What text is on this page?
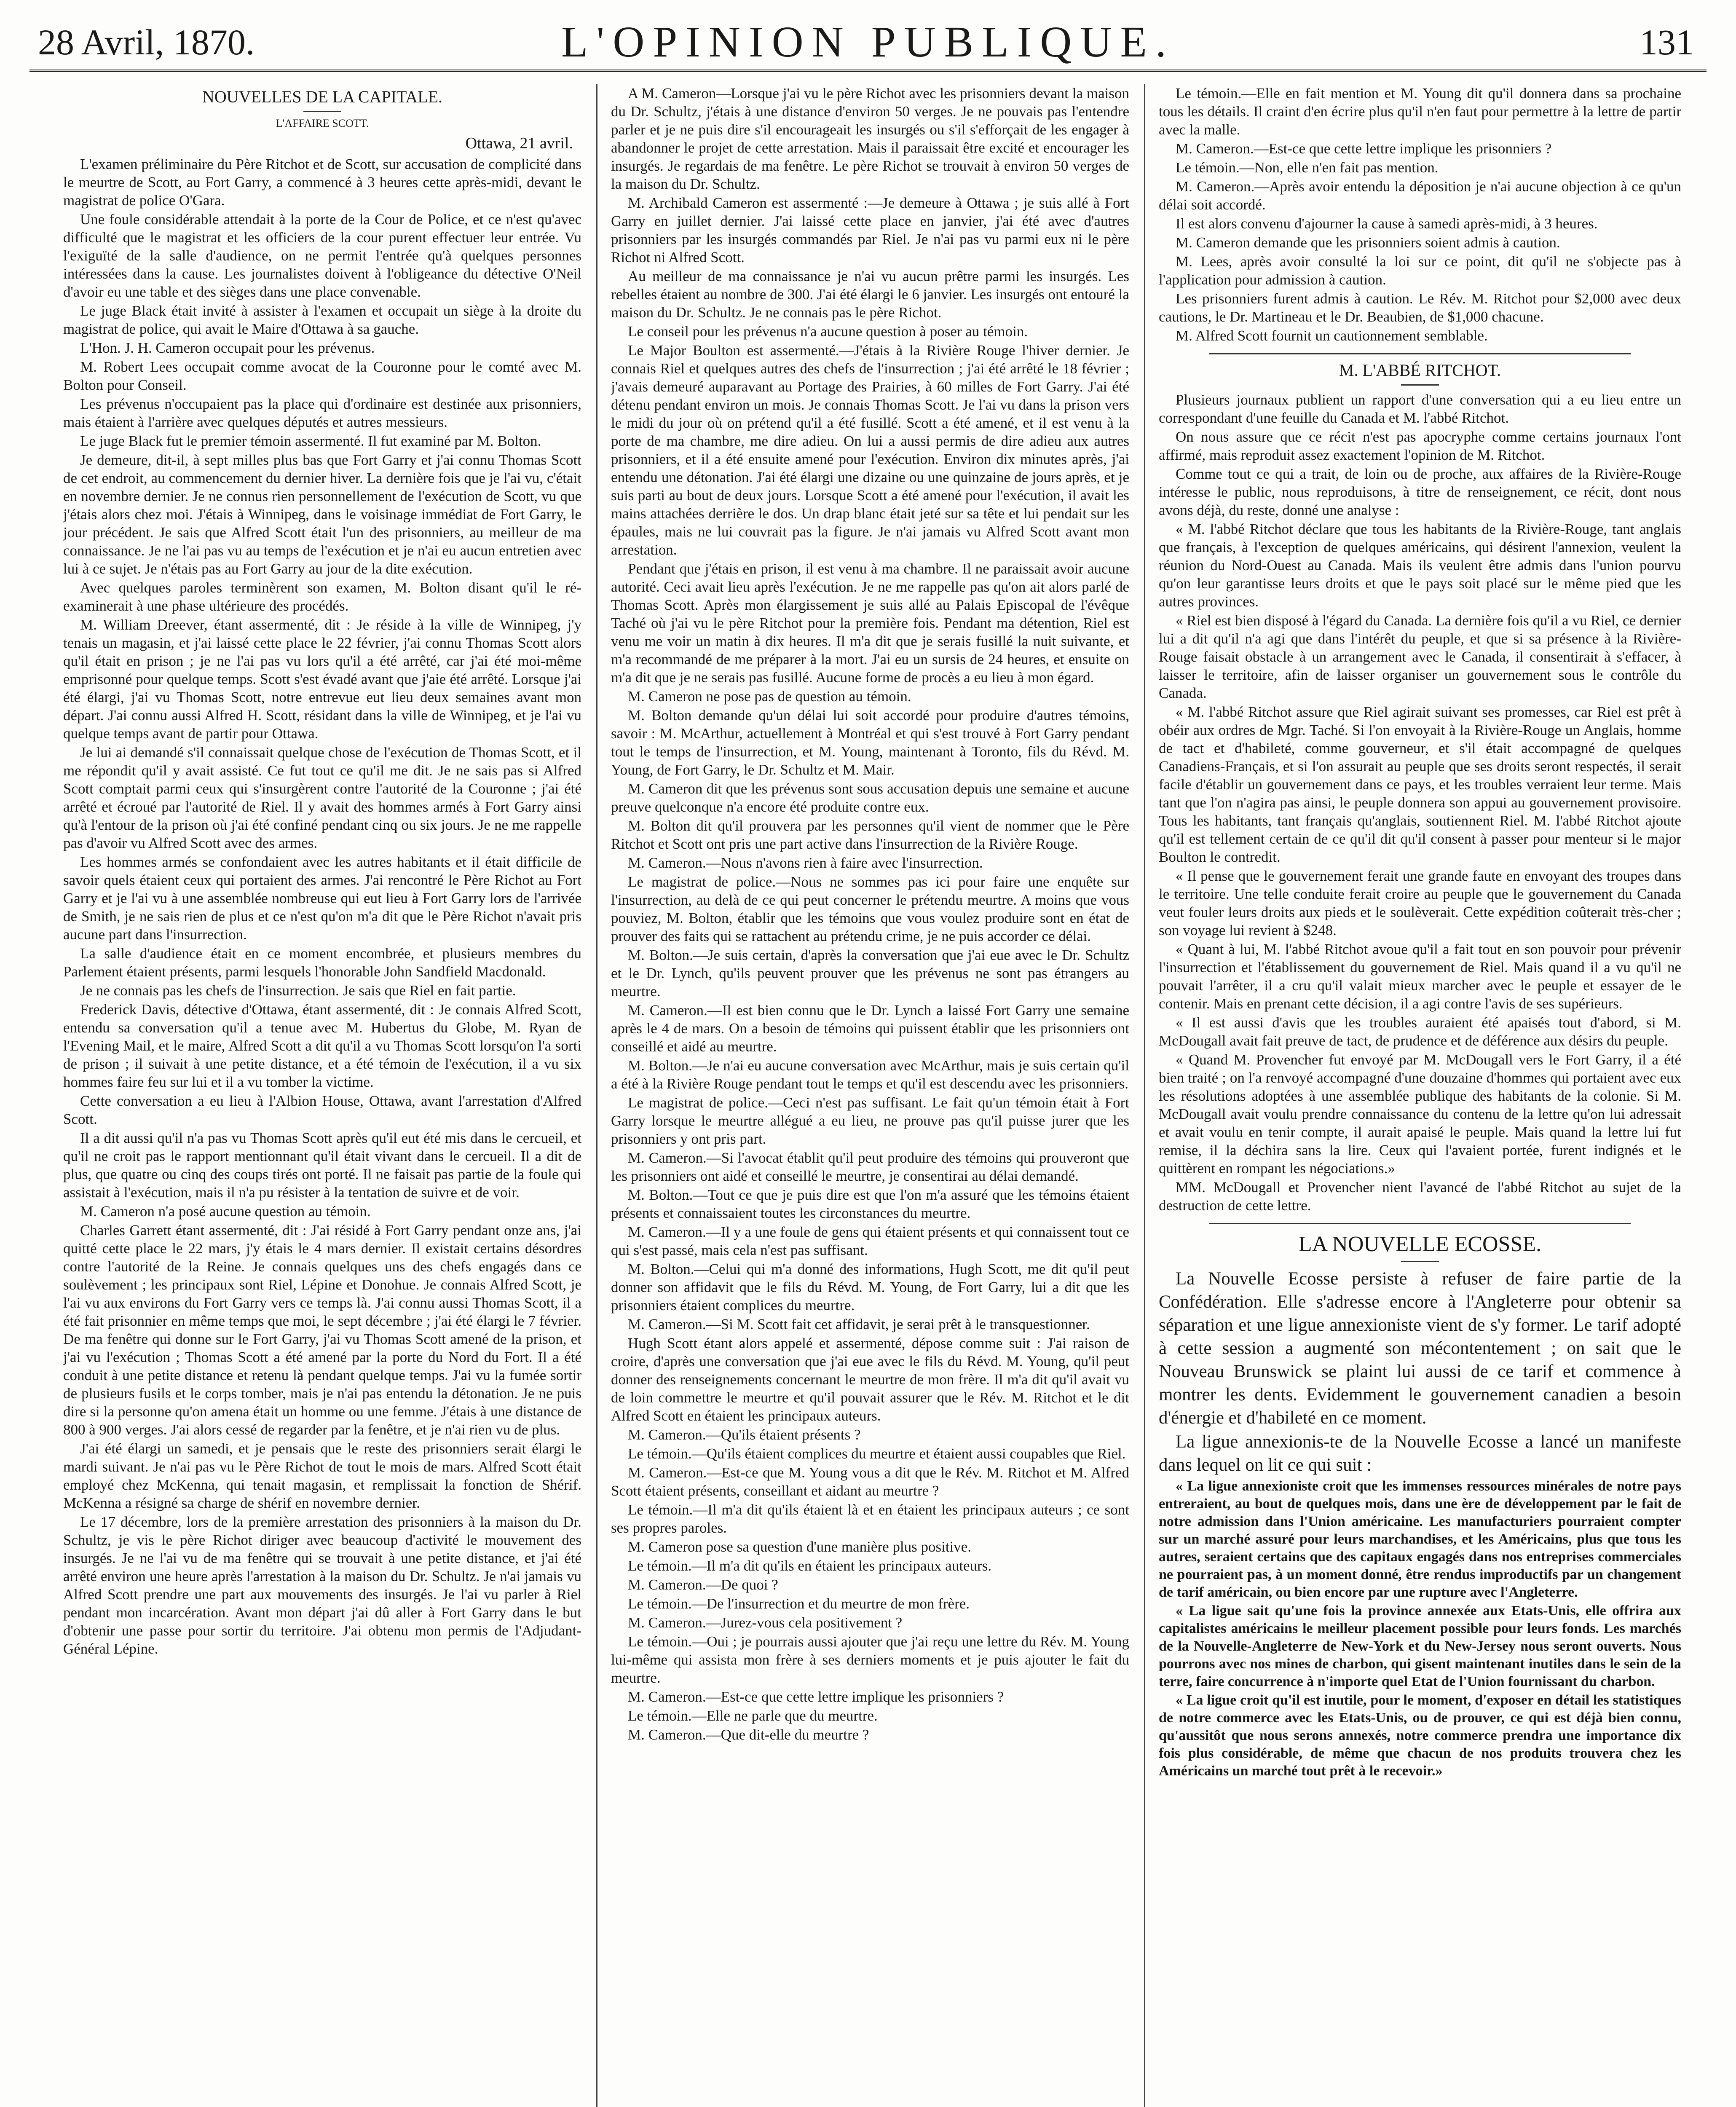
28 Avril, 1870.	L'OPINION PUBLIQUE.	131
NOUVELLES DE LA CAPITALE.
L'AFFAIRE SCOTT.
Ottawa, 21 avril.

L'examen préliminaire du Père Ritchot et de Scott, sur accusation de complicité dans le meurtre de Scott, au Fort Garry, a commencé à 3 heures cette après-midi, devant le magistrat de police O'Gara.

Une foule considérable attendait à la porte de la Cour de Police, et ce n'est qu'avec difficulté que le magistrat et les officiers de la cour purent effectuer leur entrée. Vu l'exiguïté de la salle d'audience, on ne permit l'entrée qu'à quelques personnes intéressées dans la cause. Les journalistes doivent à l'obligeance du détective O'Neil d'avoir eu une table et des sièges dans une place convenable.

Le juge Black était invité à assister à l'examen et occupait un siège à la droite du magistrat de police, qui avait le Maire d'Ottawa à sa gauche.

L'Hon. J. H. Cameron occupait pour les prévenus.

M. Robert Lees occupait comme avocat de la Couronne pour le comté avec M. Bolton pour Conseil.

Les prévenus n'occupaient pas la place qui d'ordinaire est destinée aux prisonniers, mais étaient à l'arrière avec quelques députés et autres messieurs.

Le juge Black fut le premier témoin assermenté. Il fut examiné par M. Bolton.

Je demeure, dit-il, à sept milles plus bas que Fort Garry et j'ai connu Thomas Scott de cet endroit, au commencement du dernier hiver. La dernière fois que je l'ai vu, c'était en novembre dernier. Je ne connus rien personnellement de l'exécution de Scott, vu que j'étais alors chez moi. J'étais à Winnipeg, dans le voisinage immédiat de Fort Garry, le jour précédent. Je sais que Alfred Scott était l'un des prisonniers, au meilleur de ma connaissance. Je ne l'ai pas vu au temps de l'exécution et je n'ai eu aucun entretien avec lui à ce sujet. Je n'étais pas au Fort Garry au jour de la dite exécution.

Avec quelques paroles terminèrent son examen, M. Bolton disant qu'il le ré-examinerait à une phase ultérieure des procédés.

M. William Dreever, étant assermenté, dit : Je réside à la ville de Winnipeg, j'y tenais un magasin, et j'ai laissé cette place le 22 février, j'ai connu Thomas Scott alors qu'il était en prison ; je ne l'ai pas vu lors qu'il a été arrêté, car j'ai été moi-même emprisonné pour quelque temps. Scott s'est évadé avant que j'aie été arrêté. Lorsque j'ai été élargi, j'ai vu Thomas Scott, notre entrevue eut lieu deux semaines avant mon départ. J'ai connu aussi Alfred H. Scott, résidant dans la ville de Winnipeg, et je l'ai vu quelque temps avant de partir pour Ottawa.

Je lui ai demandé s'il connaissait quelque chose de l'exécution de Thomas Scott, et il me répondit qu'il y avait assisté. Ce fut tout ce qu'il me dit. Je ne sais pas si Alfred Scott comptait parmi ceux qui s'insurgèrent contre l'autorité de la Couronne ; j'ai été arrêté et écroué par l'autorité de Riel. Il y avait des hommes armés à Fort Garry ainsi qu'à l'entour de la prison où j'ai été confiné pendant cinq ou six jours. Je ne me rappelle pas d'avoir vu Alfred Scott avec des armes.

Les hommes armés se confondaient avec les autres habitants et il était difficile de savoir quels étaient ceux qui portaient des armes. J'ai rencontré le Père Richot au Fort Garry et je l'ai vu à une assemblée nombreuse qui eut lieu à Fort Garry lors de l'arrivée de Smith, je ne sais rien de plus et ce n'est qu'on m'a dit que le Père Richot n'avait pris aucune part dans l'insurrection.

La salle d'audience était en ce moment encombrée, et plusieurs membres du Parlement étaient présents, parmi lesquels l'honorable John Sandfield Macdonald.

Je ne connais pas les chefs de l'insurrection. Je sais que Riel en fait partie.

Frederick Davis, détective d'Ottawa, étant assermenté, dit : Je connais Alfred Scott, entendu sa conversation qu'il a tenue avec M. Hubertus du Globe, M. Ryan de l'Evening Mail, et le maire, Alfred Scott a dit qu'il a vu Thomas Scott lorsqu'on l'a sorti de prison ; il suivait à une petite distance, et a été témoin de l'exécution, il a vu six hommes faire feu sur lui et il a vu tomber la victime.

Cette conversation a eu lieu à l'Albion House, Ottawa, avant l'arrestation d'Alfred Scott.

Il a dit aussi qu'il n'a pas vu Thomas Scott après qu'il eut été mis dans le cercueil, et qu'il ne croit pas le rapport mentionnant qu'il était vivant dans le cercueil. Il a dit de plus, que quatre ou cinq des coups tirés ont porté. Il ne faisait pas partie de la foule qui assistait à l'exécution, mais il n'a pu résister à la tentation de suivre et de voir.

M. Cameron n'a posé aucune question au témoin.

Charles Garrett étant assermenté, dit : J'ai résidé à Fort Garry pendant onze ans, j'ai quitté cette place le 22 mars, j'y étais le 4 mars dernier. Il existait certains désordres contre l'autorité de la Reine. Je connais quelques uns des chefs engagés dans ce soulèvement ; les principaux sont Riel, Lépine et Donohue. Je connais Alfred Scott, je l'ai vu aux environs du Fort Garry vers ce temps là. J'ai connu aussi Thomas Scott, il a été fait prisonnier en même temps que moi, le sept décembre ; j'ai été élargi le 7 février. De ma fenêtre qui donne sur le Fort Garry, j'ai vu Thomas Scott amené de la prison, et j'ai vu l'exécution ; Thomas Scott a été amené par la porte du Nord du Fort. Il a été conduit à une petite distance et retenu là pendant quelque temps. J'ai vu la fumée sortir de plusieurs fusils et le corps tomber, mais je n'ai pas entendu la détonation. Je ne puis dire si la personne qu'on amena était un homme ou une femme. J'étais à une distance de 800 à 900 verges. J'ai alors cessé de regarder par la fenêtre, et je n'ai rien vu de plus.

J'ai été élargi un samedi, et je pensais que le reste des prisonniers serait élargi le mardi suivant. Je n'ai pas vu le Père Richot de tout le mois de mars. Alfred Scott était employé chez McKenna, qui tenait magasin, et remplissait la fonction de Shérif. McKenna a résigné sa charge de shérif en novembre dernier.

Le 17 décembre, lors de la première arrestation des prisonniers à la maison du Dr. Schultz, je vis le père Richot diriger avec beaucoup d'activité le mouvement des insurgés. Je ne l'ai vu de ma fenêtre qui se trouvait à une petite distance, et j'ai été arrêté environ une heure après l'arrestation à la maison du Dr. Schultz. Je n'ai jamais vu Alfred Scott prendre une part aux mouvements des insurgés. Je l'ai vu parler à Riel pendant mon incarcération. Avant mon départ j'ai dû aller à Fort Garry dans le but d'obtenir une passe pour sortir du territoire. J'ai obtenu mon permis de l'Adjudant-Général Lépine.

A M. Cameron—Lorsque j'ai vu le père Richot avec les prisonniers devant la maison du Dr. Schultz, j'étais à une distance d'environ 50 verges. Je ne pouvais pas l'entendre parler et je ne puis dire s'il encourageait les insurgés ou s'il s'efforçait de les engager à abandonner le projet de cette arrestation. Mais il paraissait être excité et encourager les insurgés. Je regardais de ma fenêtre. Le père Richot se trouvait à environ 50 verges de la maison du Dr. Schultz.

M. Archibald Cameron est assermenté :—Je demeure à Ottawa ; je suis allé à Fort Garry en juillet dernier. J'ai laissé cette place en janvier, j'ai été avec d'autres prisonniers par les insurgés commandés par Riel. Je n'ai pas vu parmi eux ni le père Richot ni Alfred Scott.

Au meilleur de ma connaissance je n'ai vu aucun prêtre parmi les insurgés. Les rebelles étaient au nombre de 300. J'ai été élargi le 6 janvier. Les insurgés ont entouré la maison du Dr. Schultz. Je ne connais pas le père Richot.

Le conseil pour les prévenus n'a aucune question à poser au témoin.

Le Major Boulton est assermenté.—J'étais à la Rivière Rouge l'hiver dernier. Je connais Riel et quelques autres des chefs de l'insurrection ; j'ai été arrêté le 18 février ; j'avais demeuré auparavant au Portage des Prairies, à 60 milles de Fort Garry. J'ai été détenu pendant environ un mois. Je connais Thomas Scott. Je l'ai vu dans la prison vers le midi du jour où on prétend qu'il a été fusillé. Scott a été amené, et il est venu à la porte de ma chambre, me dire adieu. On lui a aussi permis de dire adieu aux autres prisonniers, et il a été ensuite amené pour l'exécution. Environ dix minutes après, j'ai entendu une détonation. J'ai été élargi une dizaine ou une quinzaine de jours après, et je suis parti au bout de deux jours. Lorsque Scott a été amené pour l'exécution, il avait les mains attachées derrière le dos. Un drap blanc était jeté sur sa tête et lui pendait sur les épaules, mais ne lui couvrait pas la figure. Je n'ai jamais vu Alfred Scott avant mon arrestation.

Pendant que j'étais en prison, il est venu à ma chambre. Il ne paraissait avoir aucune autorité. Ceci avait lieu après l'exécution. Je ne me rappelle pas qu'on ait alors parlé de Thomas Scott. Après mon élargissement je suis allé au Palais Episcopal de l'évêque Taché où j'ai vu le père Ritchot pour la première fois. Pendant ma détention, Riel est venu me voir un matin à dix heures. Il m'a dit que je serais fusillé la nuit suivante, et m'a recommandé de me préparer à la mort. J'ai eu un sursis de 24 heures, et ensuite on m'a dit que je ne serais pas fusillé. Aucune forme de procès a eu lieu à mon égard.

M. Cameron ne pose pas de question au témoin.

M. Bolton demande qu'un délai lui soit accordé pour produire d'autres témoins, savoir : M. McArthur, actuellement à Montréal et qui s'est trouvé à Fort Garry pendant tout le temps de l'insurrection, et M. Young, maintenant à Toronto, fils du Révd. M. Young, de Fort Garry, le Dr. Schultz et M. Mair.

M. Cameron dit que les prévenus sont sous accusation depuis une semaine et aucune preuve quelconque n'a encore été produite contre eux.

M. Bolton dit qu'il prouvera par les personnes qu'il vient de nommer que le Père Ritchot et Scott ont pris une part active dans l'insurrection de la Rivière Rouge.

M. Cameron.—Nous n'avons rien à faire avec l'insurrection.

Le magistrat de police.—Nous ne sommes pas ici pour faire une enquête sur l'insurrection, au delà de ce qui peut concerner le prétendu meurtre. A moins que vous pouviez, M. Bolton, établir que les témoins que vous voulez produire sont en état de prouver des faits qui se rattachent au prétendu crime, je ne puis accorder ce délai.

M. Bolton.—Je suis certain, d'après la conversation que j'ai eue avec le Dr. Schultz et le Dr. Lynch, qu'ils peuvent prouver que les prévenus ne sont pas étrangers au meurtre.

M. Cameron.—Il est bien connu que le Dr. Lynch a laissé Fort Garry une semaine après le 4 de mars. On a besoin de témoins qui puissent établir que les prisonniers ont conseillé et aidé au meurtre.

M. Bolton.—Je n'ai eu aucune conversation avec McArthur, mais je suis certain qu'il a été à la Rivière Rouge pendant tout le temps et qu'il est descendu avec les prisonniers.

Le magistrat de police.—Ceci n'est pas suffisant. Le fait qu'un témoin était à Fort Garry lorsque le meurtre allégué a eu lieu, ne prouve pas qu'il puisse jurer que les prisonniers y ont pris part.

M. Cameron.—Si l'avocat établit qu'il peut produire des témoins qui prouveront que les prisonniers ont aidé et conseillé le meurtre, je consentirai au délai demandé.

M. Bolton.—Tout ce que je puis dire est que l'on m'a assuré que les témoins étaient présents et connaissaient toutes les circonstances du meurtre.

M. Cameron.—Il y a une foule de gens qui étaient présents et qui connaissent tout ce qui s'est passé, mais cela n'est pas suffisant.

M. Bolton.—Celui qui m'a donné des informations, Hugh Scott, me dit qu'il peut donner son affidavit que le fils du Révd. M. Young, de Fort Garry, lui a dit que les prisonniers étaient complices du meurtre.

M. Cameron.—Si M. Scott fait cet affidavit, je serai prêt à le transquestionner.

Hugh Scott étant alors appelé et assermenté, dépose comme suit : J'ai raison de croire, d'après une conversation que j'ai eue avec le fils du Révd. M. Young, qu'il peut donner des renseignements concernant le meurtre de mon frère. Il m'a dit qu'il avait vu de loin commettre le meurtre et qu'il pouvait assurer que le Rév. M. Ritchot et le dit Alfred Scott en étaient les principaux auteurs.

M. Cameron.—Qu'ils étaient présents ?

Le témoin.—Qu'ils étaient complices du meurtre et étaient aussi coupables que Riel.

M. Cameron.—Est-ce que M. Young vous a dit que le Rév. M. Ritchot et M. Alfred Scott étaient présents, conseillant et aidant au meurtre ?

Le témoin.—Il m'a dit qu'ils étaient là et en étaient les principaux auteurs ; ce sont ses propres paroles.

M. Cameron pose sa question d'une manière plus positive.

Le témoin.—Il m'a dit qu'ils en étaient les principaux auteurs.

M. Cameron.—De quoi ?

Le témoin.—De l'insurrection et du meurtre de mon frère.

M. Cameron.—Jurez-vous cela positivement ?

Le témoin.—Oui ; je pourrais aussi ajouter que j'ai reçu une lettre du Rév. M. Young lui-même qui assista mon frère à ses derniers moments et je puis ajouter le fait du meurtre.

M. Cameron.—Est-ce que cette lettre implique les prisonniers ?

Le témoin.—Elle ne parle que du meurtre.

M. Cameron.—Que dit-elle du meurtre ?

Le témoin.—Elle en fait mention et M. Young dit qu'il donnera dans sa prochaine tous les détails. Il craint d'en écrire plus qu'il n'en faut pour permettre à la lettre de partir avec la malle.

M. Cameron.—Est-ce que cette lettre implique les prisonniers ?

Le témoin.—Non, elle n'en fait pas mention.

M. Cameron.—Après avoir entendu la déposition je n'ai aucune objection à ce qu'un délai soit accordé.

Il est alors convenu d'ajourner la cause à samedi après-midi, à 3 heures.

M. Cameron demande que les prisonniers soient admis à caution.

M. Lees, après avoir consulté la loi sur ce point, dit qu'il ne s'objecte pas à l'application pour admission à caution.

Les prisonniers furent admis à caution. Le Rév. M. Ritchot pour $2,000 avec deux cautions, le Dr. Martineau et le Dr. Beaubien, de $1,000 chacune.

M. Alfred Scott fournit un cautionnement semblable.

M. L'ABBÉ RITCHOT.

Plusieurs journaux publient un rapport d'une conversation qui a eu lieu entre un correspondant d'une feuille du Canada et M. l'abbé Ritchot.

On nous assure que ce récit n'est pas apocryphe comme certains journaux l'ont affirmé, mais reproduit assez exactement l'opinion de M. Ritchot.

Comme tout ce qui a trait, de loin ou de proche, aux affaires de la Rivière-Rouge intéresse le public, nous reproduisons, à titre de renseignement, ce récit, dont nous avons déjà, du reste, donné une analyse :

« M. l'abbé Ritchot déclare que tous les habitants de la Rivière-Rouge, tant anglais que français, à l'exception de quelques américains, qui désirent l'annexion, veulent la réunion du Nord-Ouest au Canada. Mais ils veulent être admis dans l'union pourvu qu'on leur garantisse leurs droits et que le pays soit placé sur le même pied que les autres provinces.

« Riel est bien disposé à l'égard du Canada. La dernière fois qu'il a vu Riel, ce dernier lui a dit qu'il n'a agi que dans l'intérêt du peuple, et que si sa présence à la Rivière-Rouge faisait obstacle à un arrangement avec le Canada, il consentirait à s'effacer, à laisser le territoire, afin de laisser organiser un gouvernement sous le contrôle du Canada.

« M. l'abbé Ritchot assure que Riel agirait suivant ses promesses, car Riel est prêt à obéir aux ordres de Mgr. Taché. Si l'on envoyait à la Rivière-Rouge un Anglais, homme de tact et d'habileté, comme gouverneur, et s'il était accompagné de quelques Canadiens-Français, et si l'on assurait au peuple que ses droits seront respectés, il serait facile d'établir un gouvernement dans ce pays, et les troubles verraient leur terme. Mais tant que l'on n'agira pas ainsi, le peuple donnera son appui au gouvernement provisoire. Tous les habitants, tant français qu'anglais, soutiennent Riel. M. l'abbé Ritchot ajoute qu'il est tellement certain de ce qu'il dit qu'il consent à passer pour menteur si le major Boulton le contredit.

« Il pense que le gouvernement ferait une grande faute en envoyant des troupes dans le territoire. Une telle conduite ferait croire au peuple que le gouvernement du Canada veut fouler leurs droits aux pieds et le soulèverait. Cette expédition coûterait très-cher ; son voyage lui revient à $248.

« Quant à lui, M. l'abbé Ritchot avoue qu'il a fait tout en son pouvoir pour prévenir l'insurrection et l'établissement du gouvernement de Riel. Mais quand il a vu qu'il ne pouvait l'arrêter, il a cru qu'il valait mieux marcher avec le peuple et essayer de le contenir. Mais en prenant cette décision, il a agi contre l'avis de ses supérieurs.

« Il est aussi d'avis que les troubles auraient été apaisés tout d'abord, si M. McDougall avait fait preuve de tact, de prudence et de déférence aux désirs du peuple.

« Quand M. Provencher fut envoyé par M. McDougall vers le Fort Garry, il a été bien traité ; on l'a renvoyé accompagné d'une douzaine d'hommes qui portaient avec eux les résolutions adoptées à une assemblée publique des habitants de la colonie. Si M. McDougall avait voulu prendre connaissance du contenu de la lettre qu'on lui adressait et avait voulu en tenir compte, il aurait apaisé le peuple. Mais quand la lettre lui fut remise, il la déchira sans la lire. Ceux qui l'avaient portée, furent indignés et le quittèrent en rompant les négociations.»

MM. McDougall et Provencher nient l'avancé de l'abbé Ritchot au sujet de la destruction de cette lettre.

LA NOUVELLE ECOSSE.

La Nouvelle Ecosse persiste à refuser de faire partie de la Confédération. Elle s'adresse encore à l'Angleterre pour obtenir sa séparation et une ligue annexioniste vient de s'y former. Le tarif adopté à cette session a augmenté son mécontentement ; on sait que le Nouveau Brunswick se plaint lui aussi de ce tarif et commence à montrer les dents. Evidemment le gouvernement canadien a besoin d'énergie et d'habileté en ce moment.

La ligue annexionis-te de la Nouvelle Ecosse a lancé un manifeste dans lequel on lit ce qui suit :

« La ligue annexioniste croit que les immenses ressources minérales de notre pays entreraient, au bout de quelques mois, dans une ère de développement par le fait de notre admission dans l'Union américaine. Les manufacturiers pourraient compter sur un marché assuré pour leurs marchandises, et les Américains, plus que tous les autres, seraient certains que des capitaux engagés dans nos entreprises commerciales ne pourraient pas, à un moment donné, être rendus improductifs par un changement de tarif américain, ou bien encore par une rupture avec l'Angleterre.

« La ligue sait qu'une fois la province annexée aux Etats-Unis, elle offrira aux capitalistes américains le meilleur placement possible pour leurs fonds. Les marchés de la Nouvelle-Angleterre de New-York et du New-Jersey nous seront ouverts. Nous pourrons avec nos mines de charbon, qui gisent maintenant inutiles dans le sein de la terre, faire concurrence à n'importe quel Etat de l'Union fournissant du charbon.

« La ligue croit qu'il est inutile, pour le moment, d'exposer en détail les statistiques de notre commerce avec les Etats-Unis, ou de prouver, ce qui est déjà bien connu, qu'aussitôt que nous serons annexés, notre commerce prendra une importance dix fois plus considérable, de même que chacun de nos produits trouvera chez les Américains un marché tout prêt à le recevoir.»
